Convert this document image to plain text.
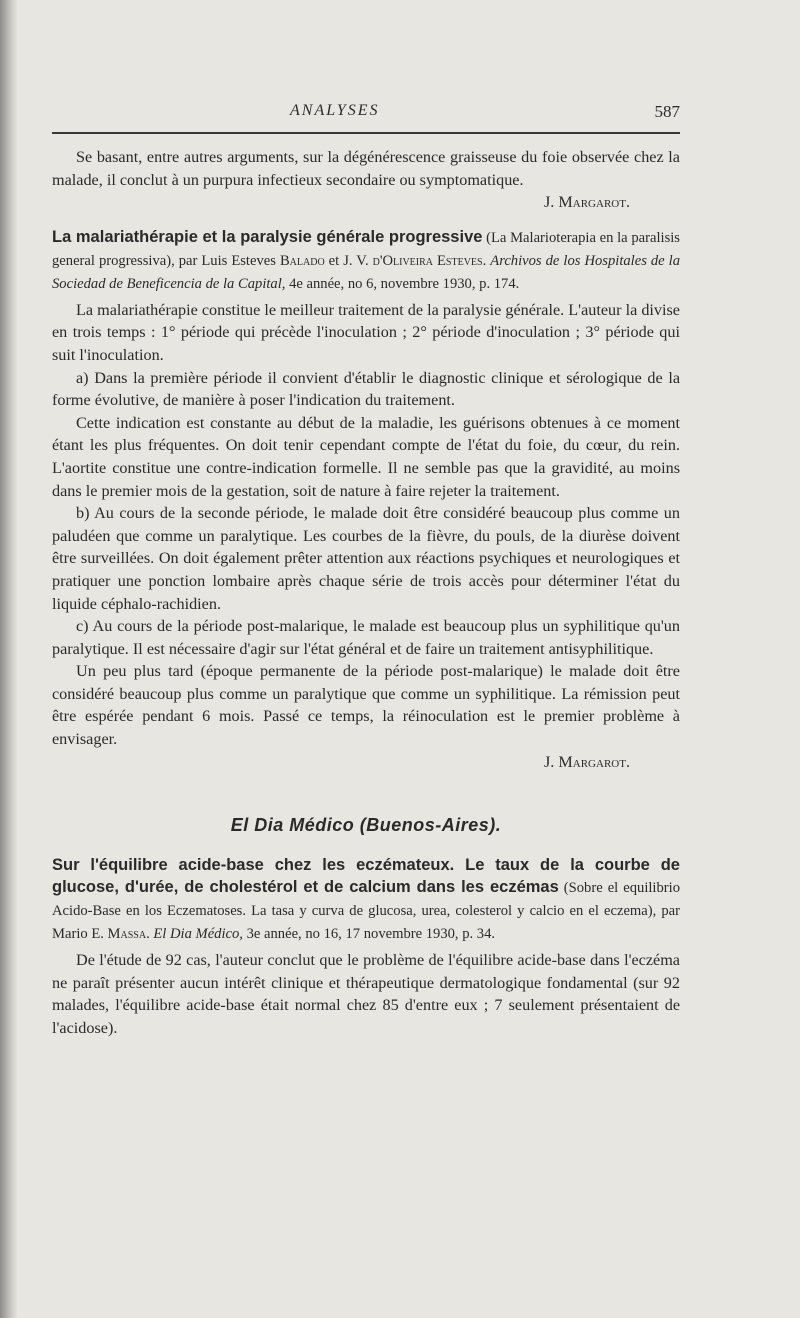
ANALYSES	587

Se basant, entre autres arguments, sur la dégénérescence graisseuse du foie observée chez la malade, il conclut à un purpura infectieux secondaire ou symptomatique.

J. Margarot.

La malariathérapie et la paralysie générale progressive (La Malarioterapia en la paralisis general progressiva), par Luis Esteves Balado et J. V. d'Oliveira Esteves. Archivos de los Hospitales de la Sociedad de Beneficencia de la Capital, 4e année, no 6, novembre 1930, p. 174.

La malariathérapie constitue le meilleur traitement de la paralysie générale. L'auteur la divise en trois temps : 1° période qui précède l'inoculation ; 2° période d'inoculation ; 3° période qui suit l'inoculation.

a) Dans la première période il convient d'établir le diagnostic clinique et sérologique de la forme évolutive, de manière à poser l'indication du traitement.

Cette indication est constante au début de la maladie, les guérisons obtenues à ce moment étant les plus fréquentes. On doit tenir cependant compte de l'état du foie, du cœur, du rein. L'aortite constitue une contre-indication formelle. Il ne semble pas que la gravidité, au moins dans le premier mois de la gestation, soit de nature à faire rejeter la traitement.

b) Au cours de la seconde période, le malade doit être considéré beaucoup plus comme un paludéen que comme un paralytique. Les courbes de la fièvre, du pouls, de la diurèse doivent être surveillées. On doit également prêter attention aux réactions psychiques et neurologiques et pratiquer une ponction lombaire après chaque série de trois accès pour déterminer l'état du liquide céphalo-rachidien.

c) Au cours de la période post-malarique, le malade est beaucoup plus un syphilitique qu'un paralytique. Il est nécessaire d'agir sur l'état général et de faire un traitement antisyphilitique.

Un peu plus tard (époque permanente de la période post-malarique) le malade doit être considéré beaucoup plus comme un paralytique que comme un syphilitique. La rémission peut être espérée pendant 6 mois. Passé ce temps, la réinoculation est le premier problème à envisager.

J. Margarot.

El Dia Médico (Buenos-Aires).

Sur l'équilibre acide-base chez les eczémateux. Le taux de la courbe de glucose, d'urée, de cholestérol et de calcium dans les eczémas (Sobre el equilibrio Acido-Base en los Eczematoses. La tasa y curva de glucosa, urea, colesterol y calcio en el eczema), par Mario E. Massa. El Dia Médico, 3e année, no 16, 17 novembre 1930, p. 34.

De l'étude de 92 cas, l'auteur conclut que le problème de l'équilibre acide-base dans l'eczéma ne paraît présenter aucun intérêt clinique et thérapeutique dermatologique fondamental (sur 92 malades, l'équilibre acide-base était normal chez 85 d'entre eux ; 7 seulement présentaient de l'acidose).
